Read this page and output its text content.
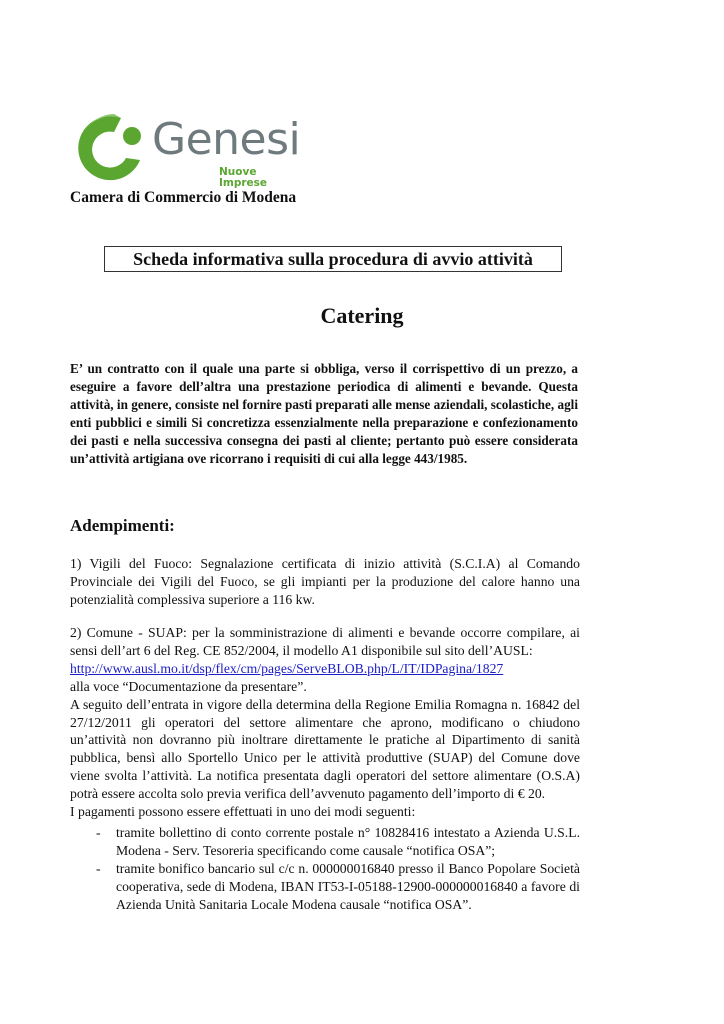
Genesi
Nuove Imprese
Camera di Commercio di Modena
Scheda informativa sulla procedura di avvio attività
Catering

E’ un contratto con il quale una parte si obbliga, verso il corrispettivo di un prezzo, a eseguire a favore dell’altra una prestazione periodica di alimenti e bevande. Questa attività, in genere, consiste nel fornire pasti preparati alle mense aziendali, scolastiche, agli enti pubblici e simili Si concretizza essenzialmente nella preparazione e confezionamento dei pasti e nella successiva consegna dei pasti al cliente; pertanto può essere considerata un’attività artigiana ove ricorrano i requisiti di cui alla legge 443/1985.

Adempimenti:

1) Vigili del Fuoco: Segnalazione certificata di inizio attività (S.C.I.A) al Comando Provinciale dei Vigili del Fuoco, se gli impianti per la produzione del calore hanno una potenzialità complessiva superiore a 116 kw.

2) Comune - SUAP: per la somministrazione di alimenti e bevande occorre compilare, ai sensi dell’art 6 del Reg. CE 852/2004, il modello A1 disponibile sul sito dell’AUSL:
http://www.ausl.mo.it/dsp/flex/cm/pages/ServeBLOB.php/L/IT/IDPagina/1827
alla voce “Documentazione da presentare”.
A seguito dell’entrata in vigore della determina della Regione Emilia Romagna n. 16842 del 27/12/2011 gli operatori del settore alimentare che aprono, modificano o chiudono un’attività non dovranno più inoltrare direttamente le pratiche al Dipartimento di sanità pubblica, bensì allo Sportello Unico per le attività produttive (SUAP) del Comune dove viene svolta l’attività. La notifica presentata dagli operatori del settore alimentare (O.S.A) potrà essere accolta solo previa verifica dell’avvenuto pagamento dell’importo di € 20.
I pagamenti possono essere effettuati in uno dei modi seguenti:
- tramite bollettino di conto corrente postale n° 10828416 intestato a Azienda U.S.L. Modena - Serv. Tesoreria specificando come causale “notifica OSA”;
- tramite bonifico bancario sul c/c n. 000000016840 presso il Banco Popolare Società cooperativa, sede di Modena, IBAN IT53-I-05188-12900-000000016840 a favore di Azienda Unità Sanitaria Locale Modena causale “notifica OSA”.
